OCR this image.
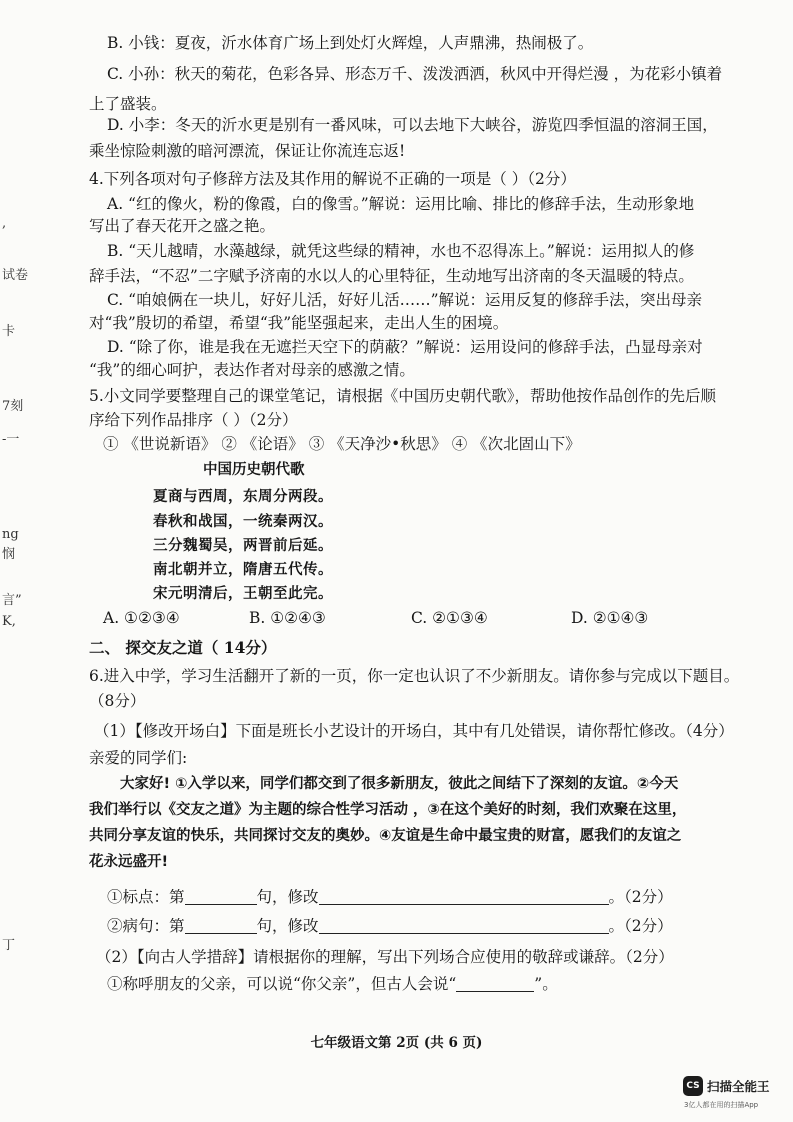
,
试卷
卡
7刻
-一
ng
悯
言”
K,
丁
B. 小钱：夏夜，沂水体育广场上到处灯火辉煌，人声鼎沸，热闹极了。
C. 小孙：秋天的菊花，色彩各异、形态万千、泼泼洒洒，秋风中开得烂漫 ，为花彩小镇着
上了盛装。
D. 小李：冬天的沂水更是别有一番风味，可以去地下大峡谷，游览四季恒温的溶洞王国，
乘坐惊险刺激的暗河漂流，保证让你流连忘返!
4.下列各项对句子修辞方法及其作用的解说不正确的一项是（ ）（2分）
A. “红的像火，粉的像霞，白的像雪。”解说：运用比喻、排比的修辞手法，生动形象地
写出了春天花开之盛之艳。
B. “天儿越晴，水藻越绿，就凭这些绿的精神，水也不忍得冻上。”解说：运用拟人的修
辞手法，“不忍”二字赋予济南的水以人的心里特征，生动地写出济南的冬天温暖的特点。
C. “咱娘俩在一块儿，好好儿活，好好儿活……”解说：运用反复的修辞手法，突出母亲
对“我”殷切的希望，希望“我”能坚强起来，走出人生的困境。
D. “除了你，谁是我在无遮拦天空下的荫蔽？”解说：运用设问的修辞手法，凸显母亲对
“我”的细心呵护，表达作者对母亲的感激之情。
5.小文同学要整理自己的课堂笔记，请根据《中国历史朝代歌》，帮助他按作品创作的先后顺
序给下列作品排序（ ）（2分）
① 《世说新语》 ② 《论语》 ③ 《天净沙•秋思》 ④ 《次北固山下》
中国历史朝代歌
夏商与西周，东周分两段。
春秋和战国，一统秦两汉。
三分魏蜀吴，两晋前后延。
南北朝并立，隋唐五代传。
宋元明清后，王朝至此完。
A. ①②③④	B. ①②④③	C. ②①③④	D. ②①④③
二、 探交友之道（ 14分）
6.进入中学，学习生活翻开了新的一页，你一定也认识了不少新朋友。请你参与完成以下题目。
（8分）
（1）【修改开场白】下面是班长小艺设计的开场白，其中有几处错误，请你帮忙修改。（4分）
亲爱的同学们:
大家好! ①入学以来，同学们都交到了很多新朋友，彼此之间结下了深刻的友谊。②今天
我们举行以《交友之道》为主题的综合性学习活动 ，③在这个美好的时刻，我们欢聚在这里，
共同分享友谊的快乐，共同探讨交友的奥妙。④友谊是生命中最宝贵的财富，愿我们的友谊之
花永远盛开!
①标点：第	句，修改	。（2分）
②病句：第	句，修改	。（2分）
（2）【向古人学措辞】请根据你的理解，写出下列场合应使用的敬辞或谦辞。（2分）
①称呼朋友的父亲，可以说“你父亲”，但古人会说“	”。
七年级语文第 2页 (共 6 页)
CS 扫描全能王
3亿人都在用的扫描App
